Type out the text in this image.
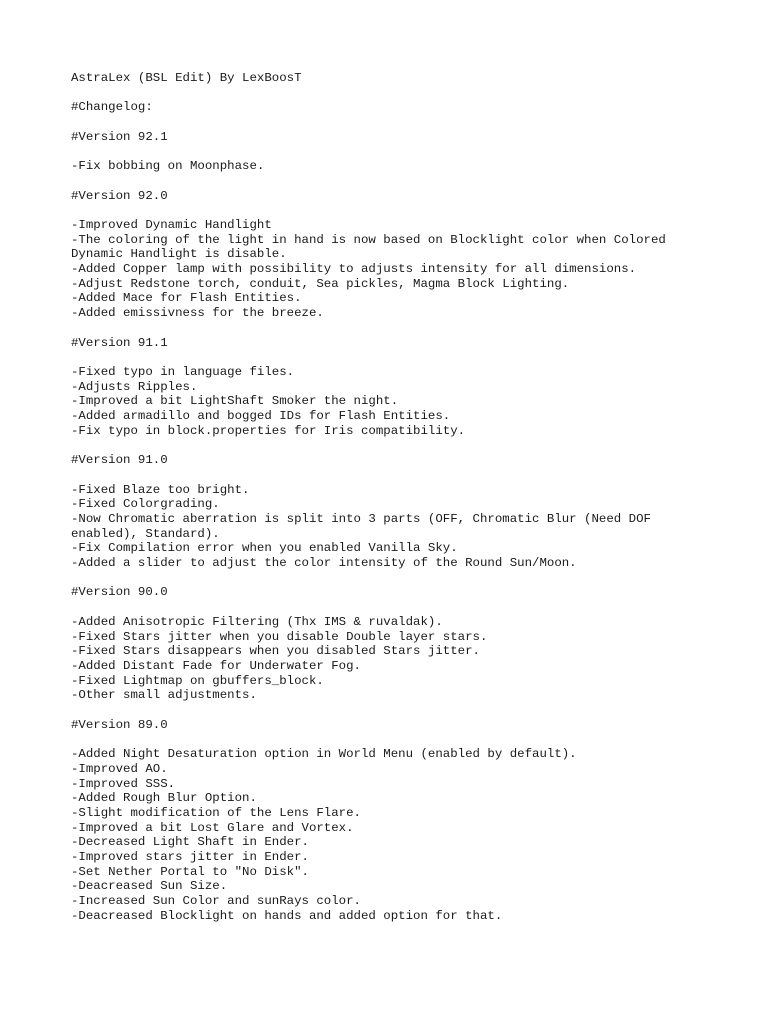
AstraLex (BSL Edit) By LexBoosT
#Changelog:
#Version 92.1
-Fix bobbing on Moonphase.
#Version 92.0
-Improved Dynamic Handlight
-The coloring of the light in hand is now based on Blocklight color when Colored
Dynamic Handlight is disable.
-Added Copper lamp with possibility to adjusts intensity for all dimensions.
-Adjust Redstone torch, conduit, Sea pickles, Magma Block Lighting.
-Added Mace for Flash Entities.
-Added emissivness for the breeze.
#Version 91.1
-Fixed typo in language files.
-Adjusts Ripples.
-Improved a bit LightShaft Smoker the night.
-Added armadillo and bogged IDs for Flash Entities.
-Fix typo in block.properties for Iris compatibility.
#Version 91.0
-Fixed Blaze too bright.
-Fixed Colorgrading.
-Now Chromatic aberration is split into 3 parts (OFF, Chromatic Blur (Need DOF
enabled), Standard).
-Fix Compilation error when you enabled Vanilla Sky.
-Added a slider to adjust the color intensity of the Round Sun/Moon.
#Version 90.0
-Added Anisotropic Filtering (Thx IMS & ruvaldak).
-Fixed Stars jitter when you disable Double layer stars.
-Fixed Stars disappears when you disabled Stars jitter.
-Added Distant Fade for Underwater Fog.
-Fixed Lightmap on gbuffers_block.
-Other small adjustments.
#Version 89.0
-Added Night Desaturation option in World Menu (enabled by default).
-Improved AO.
-Improved SSS.
-Added Rough Blur Option.
-Slight modification of the Lens Flare.
-Improved a bit Lost Glare and Vortex.
-Decreased Light Shaft in Ender.
-Improved stars jitter in Ender.
-Set Nether Portal to "No Disk".
-Deacreased Sun Size.
-Increased Sun Color and sunRays color.
-Deacreased Blocklight on hands and added option for that.
